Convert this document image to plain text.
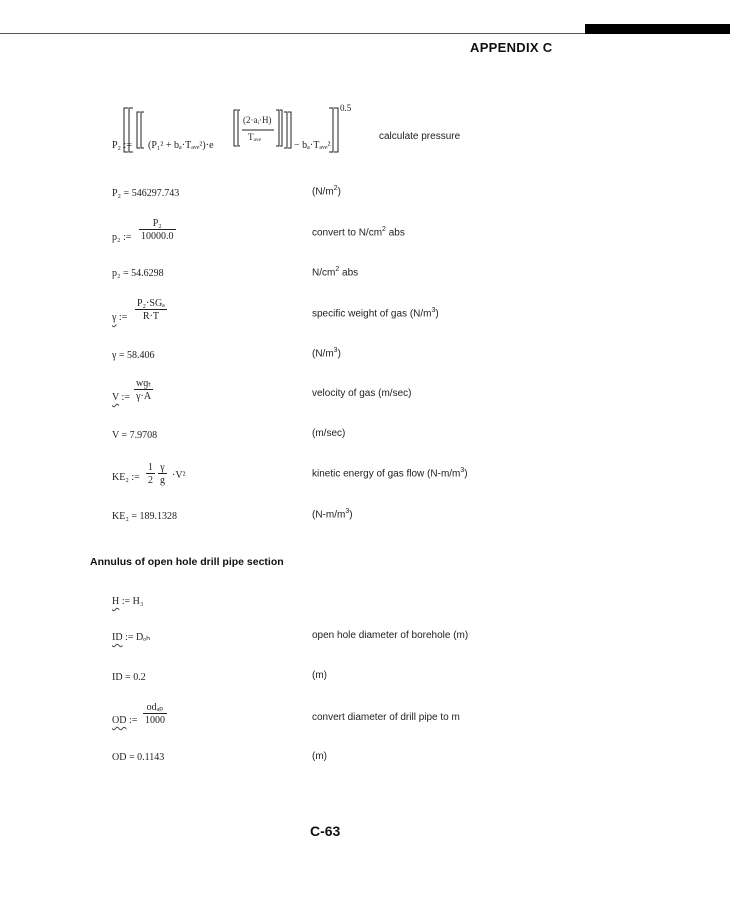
APPENDIX C
P₂ := (P₁² + bₐ·Tₐᵥₑ²)·e
(2·aᵢ·H)
Tₐᵥₑ
− bₐ·Tₐᵥₑ²
0.5
calculate pressure
P₂ = 546297.743	$(N/m^2)$
p₂ := $\frac{\text{P₂}}{10000.0}$	convert to $N/cm^2$ abs
p₂ = 54.6298	$N/cm^2$ abs
γ :=
P₂·SGₐ
R·T	specific weight of gas $(N/m^3)$
γ = 58.406	$(N/m^3)$
V :=
wɡₜ
γ·A	velocity of gas (m/sec)
V = 7.9708	(m/sec)
KE₂ := $\frac{1}{2} \frac{\gamma}{g} \cdot V^2$	kinetic energy of gas flow $(N-m/m^3)$
KE₂ = 189.1328	$(N-m/m^3)$
Annulus of open hole drill pipe section
H := H₃
ID := Dₒₕ	open hole diameter of borehole (m)
ID = 0.2	(m)
OD :=
odₔₚ
1000	convert diameter of drill pipe to m
OD = 0.1143	(m)
C-63
